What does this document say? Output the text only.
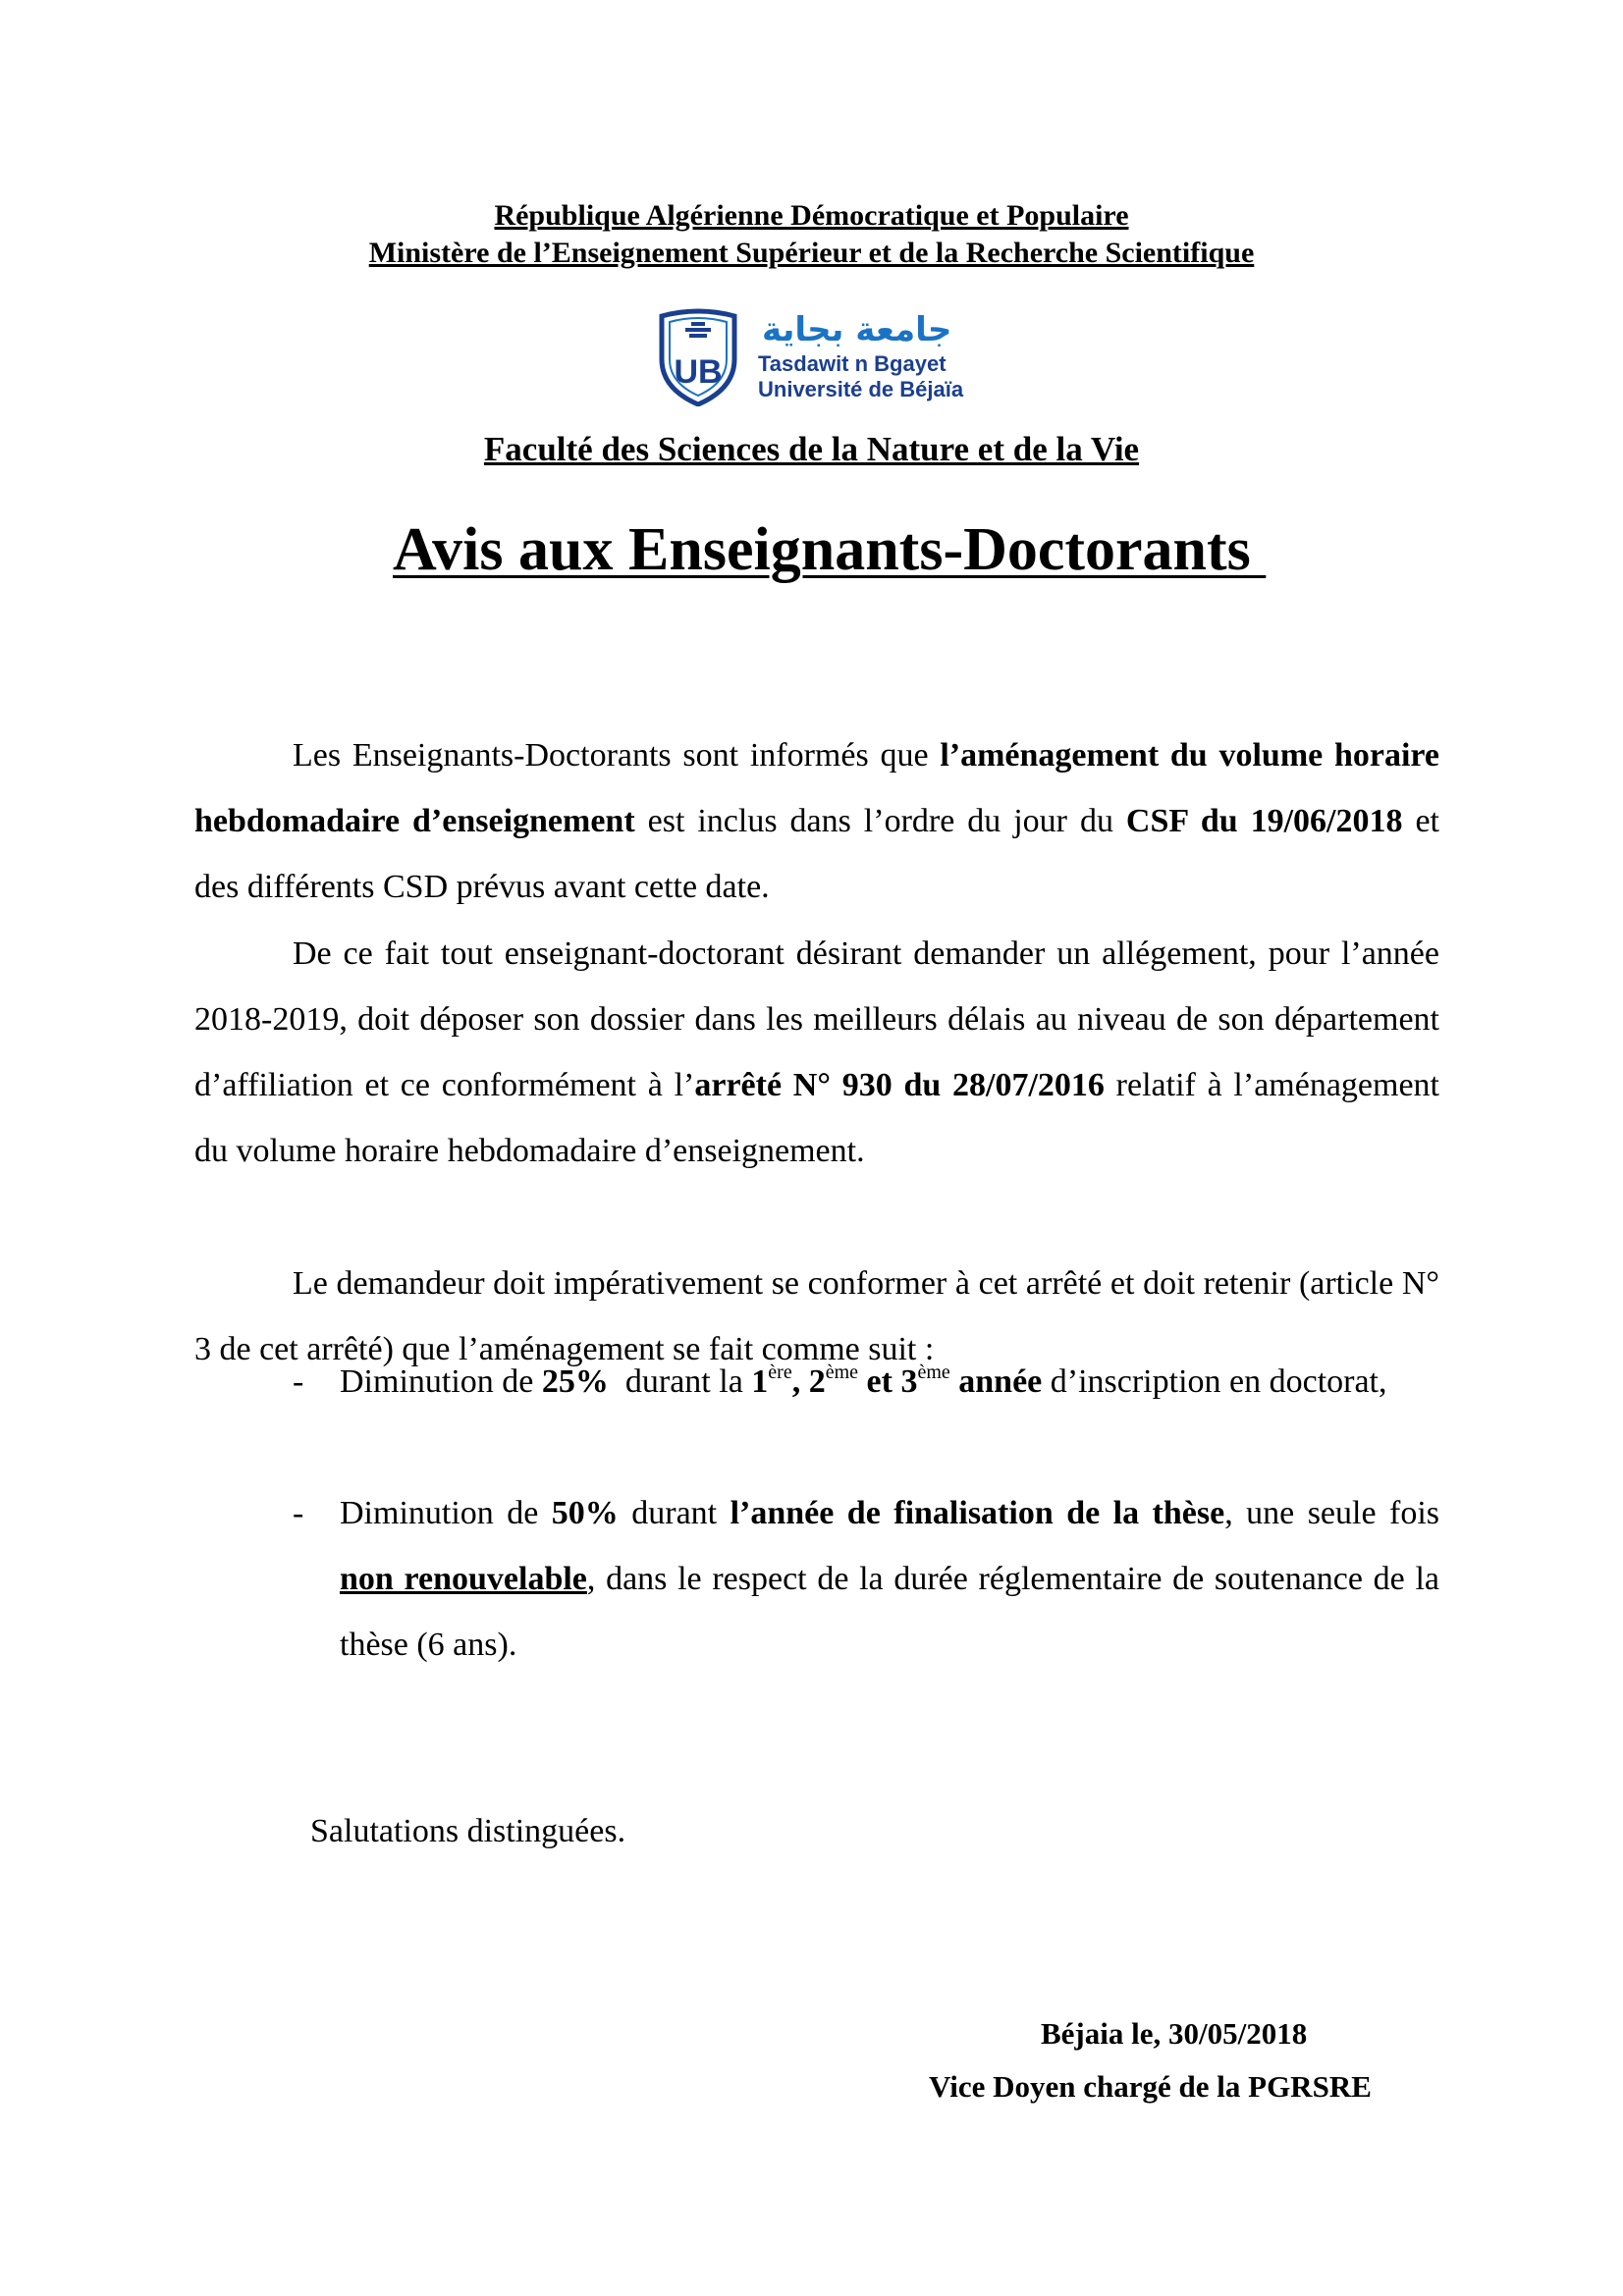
République Algérienne Démocratique et Populaire
Ministère de l’Enseignement Supérieur et de la Recherche Scientifique
UB
جامعة بجاية
Tasdawit n Bgayet
Université de Béjaïa
Faculté des Sciences de la Nature et de la Vie
Avis aux Enseignants-Doctorants

Les Enseignants-Doctorants sont informés que l’aménagement du volume horaire hebdomadaire d’enseignement est inclus dans l’ordre du jour du CSF du 19/06/2018 et des différents CSD prévus avant cette date.

De ce fait tout enseignant-doctorant désirant demander un allégement, pour l’année 2018-2019, doit déposer son dossier dans les meilleurs délais au niveau de son département d’affiliation et ce conformément à l’arrêté N° 930 du 28/07/2016 relatif à l’aménagement du volume horaire hebdomadaire d’enseignement.

Le demandeur doit impérativement se conformer à cet arrêté et doit retenir (article N° 3 de cet arrêté) que l’aménagement se fait comme suit :

- Diminution de 25%  durant la 1ère, 2ème et 3ème année d’inscription en doctorat,
- Diminution de 50% durant l’année de finalisation de la thèse, une seule fois non renouvelable, dans le respect de la durée réglementaire de soutenance de la thèse (6 ans).
Salutations distinguées.
Béjaia le, 30/05/2018
Vice Doyen chargé de la PGRSRE
